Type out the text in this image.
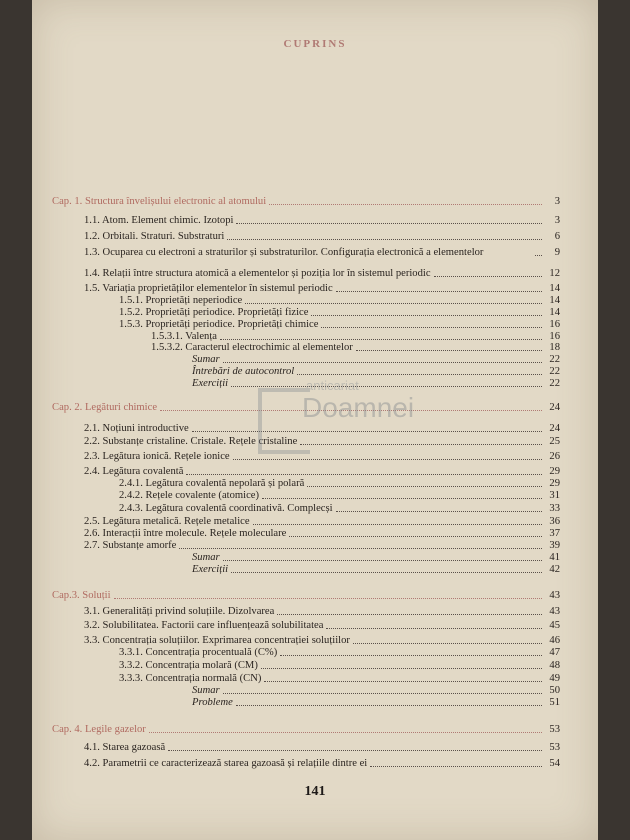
CUPRINS
Cap. 1. Structura învelișului electronic al atomului	3
1.1. Atom. Element chimic. Izotopi	3
1.2. Orbitali. Straturi. Substraturi	6
1.3. Ocuparea cu electroni a straturilor și substraturilor. Configurația electronică a elementelor	9
1.4. Relații între structura atomică a elementelor și poziția lor în sistemul periodic	12
1.5. Variația proprietăților elementelor în sistemul periodic	14
1.5.1. Proprietăți neperiodice	14
1.5.2. Proprietăți periodice. Proprietăți fizice	14
1.5.3. Proprietăți periodice. Proprietăți chimice	16
1.5.3.1. Valența	16
1.5.3.2. Caracterul electrochimic al elementelor	18
Sumar	22
Întrebări de autocontrol	22
Exerciții	22
Cap. 2. Legături chimice	24
2.1. Noțiuni introductive	24
2.2. Substanțe cristaline. Cristale. Rețele cristaline	25
2.3. Legătura ionică. Rețele ionice	26
2.4. Legătura covalentă	29
2.4.1. Legătura covalentă nepolară și polară	29
2.4.2. Rețele covalente (atomice)	31
2.4.3. Legătura covalentă coordinativă. Complecși	33
2.5. Legătura metalică. Rețele metalice	36
2.6. Interacții între molecule. Rețele moleculare	37
2.7. Substanțe amorfe	39
Sumar	41
Exerciții	42
Cap.3. Soluții	43
3.1. Generalități privind soluțiile. Dizolvarea	43
3.2. Solubilitatea. Factorii care influențează solubilitatea	45
3.3. Concentrația soluțiilor. Exprimarea concentrației soluțiilor	46
3.3.1. Concentrația procentuală (C%)	47
3.3.2. Concentrația molară (CM)	48
3.3.3. Concentrația normală (CN)	49
Sumar	50
Probleme	51
Cap. 4. Legile gazelor	53
4.1. Starea gazoasă	53
4.2. Parametrii ce caracterizează starea gazoasă și relațiile dintre ei	54
anticariat
Doamnei
141
